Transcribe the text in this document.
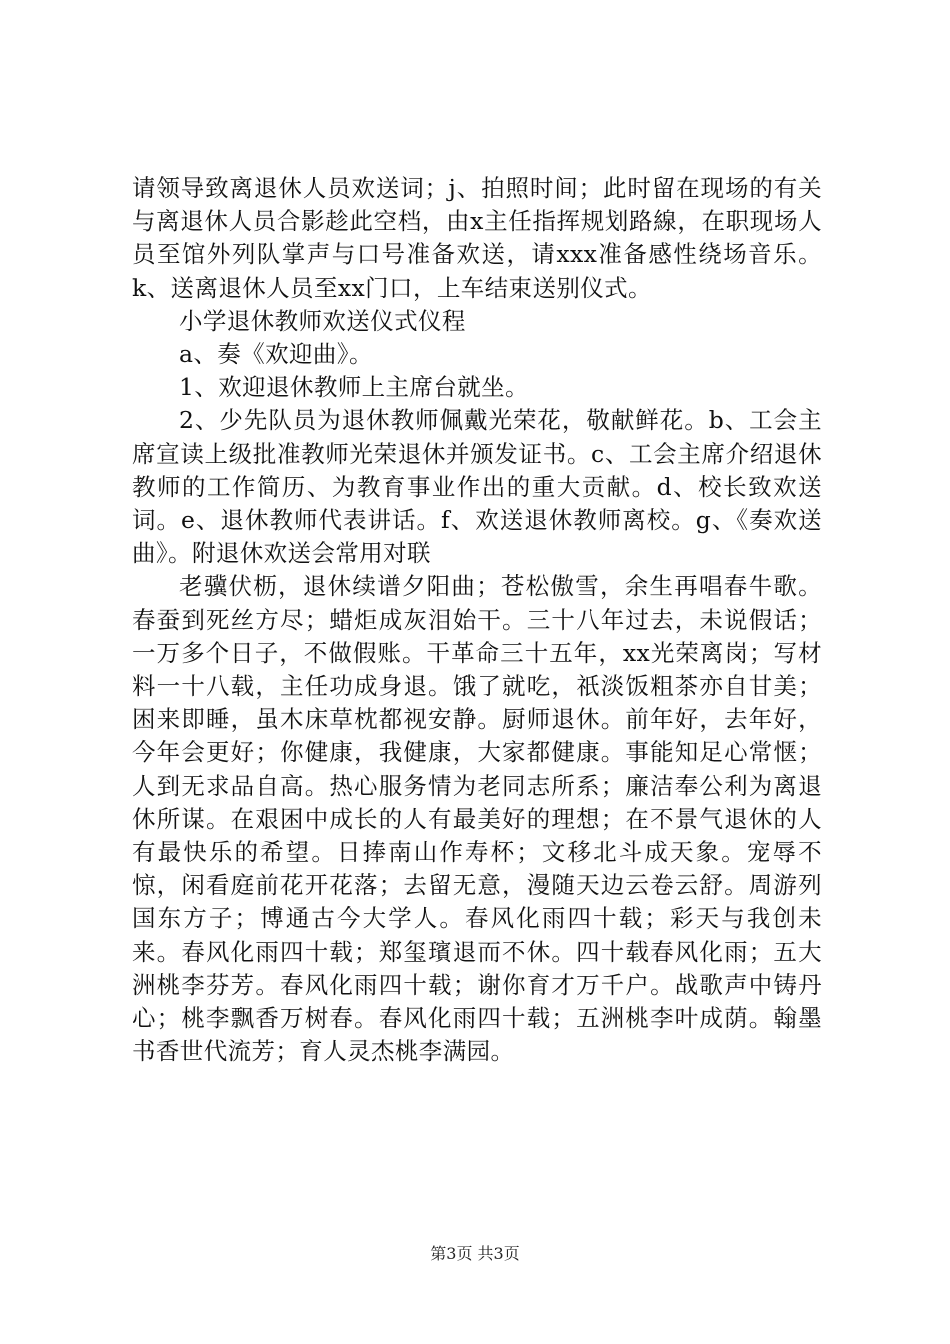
请领导致离退休人员欢送词；j、拍照时间；此时留在现场的有关与离退休人员合影趁此空档，由x主任指挥规划路線，在职现场人员至馆外列队掌声与口号准备欢送，请xxx准备感性绕场音乐。k、送离退休人员至xx门口，上车结束送别仪式。

小学退休教师欢送仪式仪程

a、奏《欢迎曲》。

1、欢迎退休教师上主席台就坐。

2、少先队员为退休教师佩戴光荣花，敬献鲜花。b、工会主席宣读上级批准教师光荣退休并颁发证书。c、工会主席介绍退休教师的工作简历、为教育事业作出的重大贡献。d、校长致欢送词。e、退休教师代表讲话。f、欢送退休教师离校。g、《奏欢送曲》。附退休欢送会常用对联

老骥伏枥，退休续谱夕阳曲；苍松傲雪，余生再唱春牛歌。春蚕到死丝方尽；蜡炬成灰泪始干。三十八年过去，未说假话；一万多个日子，不做假账。干革命三十五年，xx光荣离岗；写材料一十八载，主任功成身退。饿了就吃，祇淡饭粗茶亦自甘美；困来即睡，虽木床草枕都视安静。厨师退休。前年好，去年好，今年会更好；你健康，我健康，大家都健康。事能知足心常惬；人到无求品自高。热心服务情为老同志所系；廉洁奉公利为离退休所谋。在艰困中成长的人有最美好的理想；在不景气退休的人有最快乐的希望。日捧南山作寿杯；文移北斗成天象。宠辱不惊，闲看庭前花开花落；去留无意，漫随天边云卷云舒。周游列国东方子；博通古今大学人。春风化雨四十载；彩天与我创未来。春风化雨四十载；郑玺璸退而不休。四十载春风化雨；五大洲桃李芬芳。春风化雨四十载；谢你育才万千户。战歌声中铸丹心；桃李飘香万树春。春风化雨四十载；五洲桃李叶成荫。翰墨书香世代流芳；育人灵杰桃李满园。

第3页 共3页
